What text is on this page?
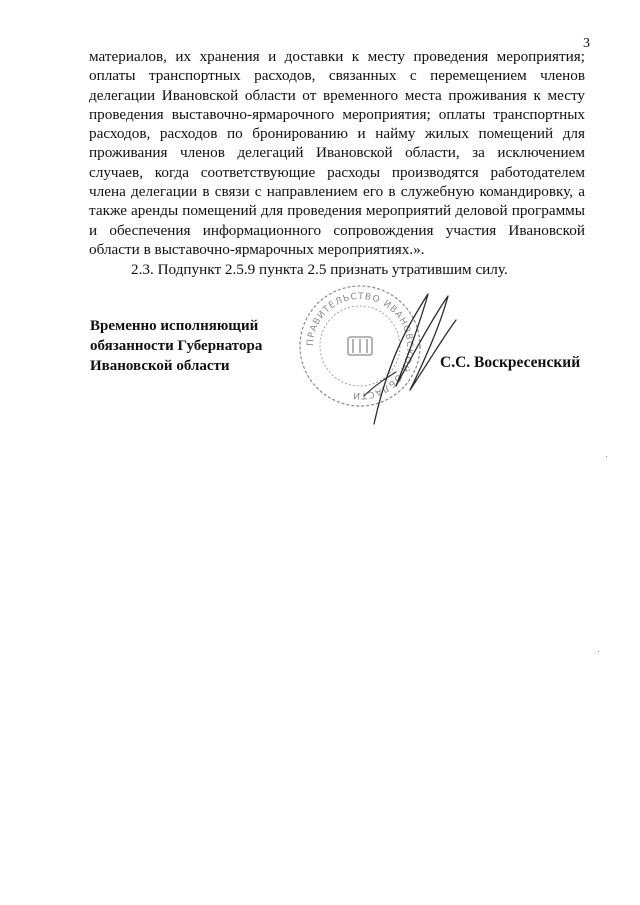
3

материалов, их хранения и доставки к месту проведения мероприятия; оплаты транспортных расходов, связанных с перемещением членов делегации Ивановской области от временного места проживания к месту проведения выставочно-ярмарочного мероприятия; оплаты транспортных расходов, расходов по бронированию и найму жилых помещений для проживания членов делегаций Ивановской области, за исключением случаев, когда соответствующие расходы производятся работодателем члена делегации в связи с направлением его в служебную командировку, а также аренды помещений для проведения мероприятий деловой программы и обеспечения информационного сопровождения участия Ивановской области в выставочно-ярмарочных мероприятиях.».

2.3. Подпункт 2.5.9 пункта 2.5 признать утратившим силу.

Временно исполняющий
обязанности Губернатора
Ивановской области
ПРАВИТЕЛЬСТВО ИВАНОВСКОЙ ОБЛАСТИ
С.С. Воскресенский
